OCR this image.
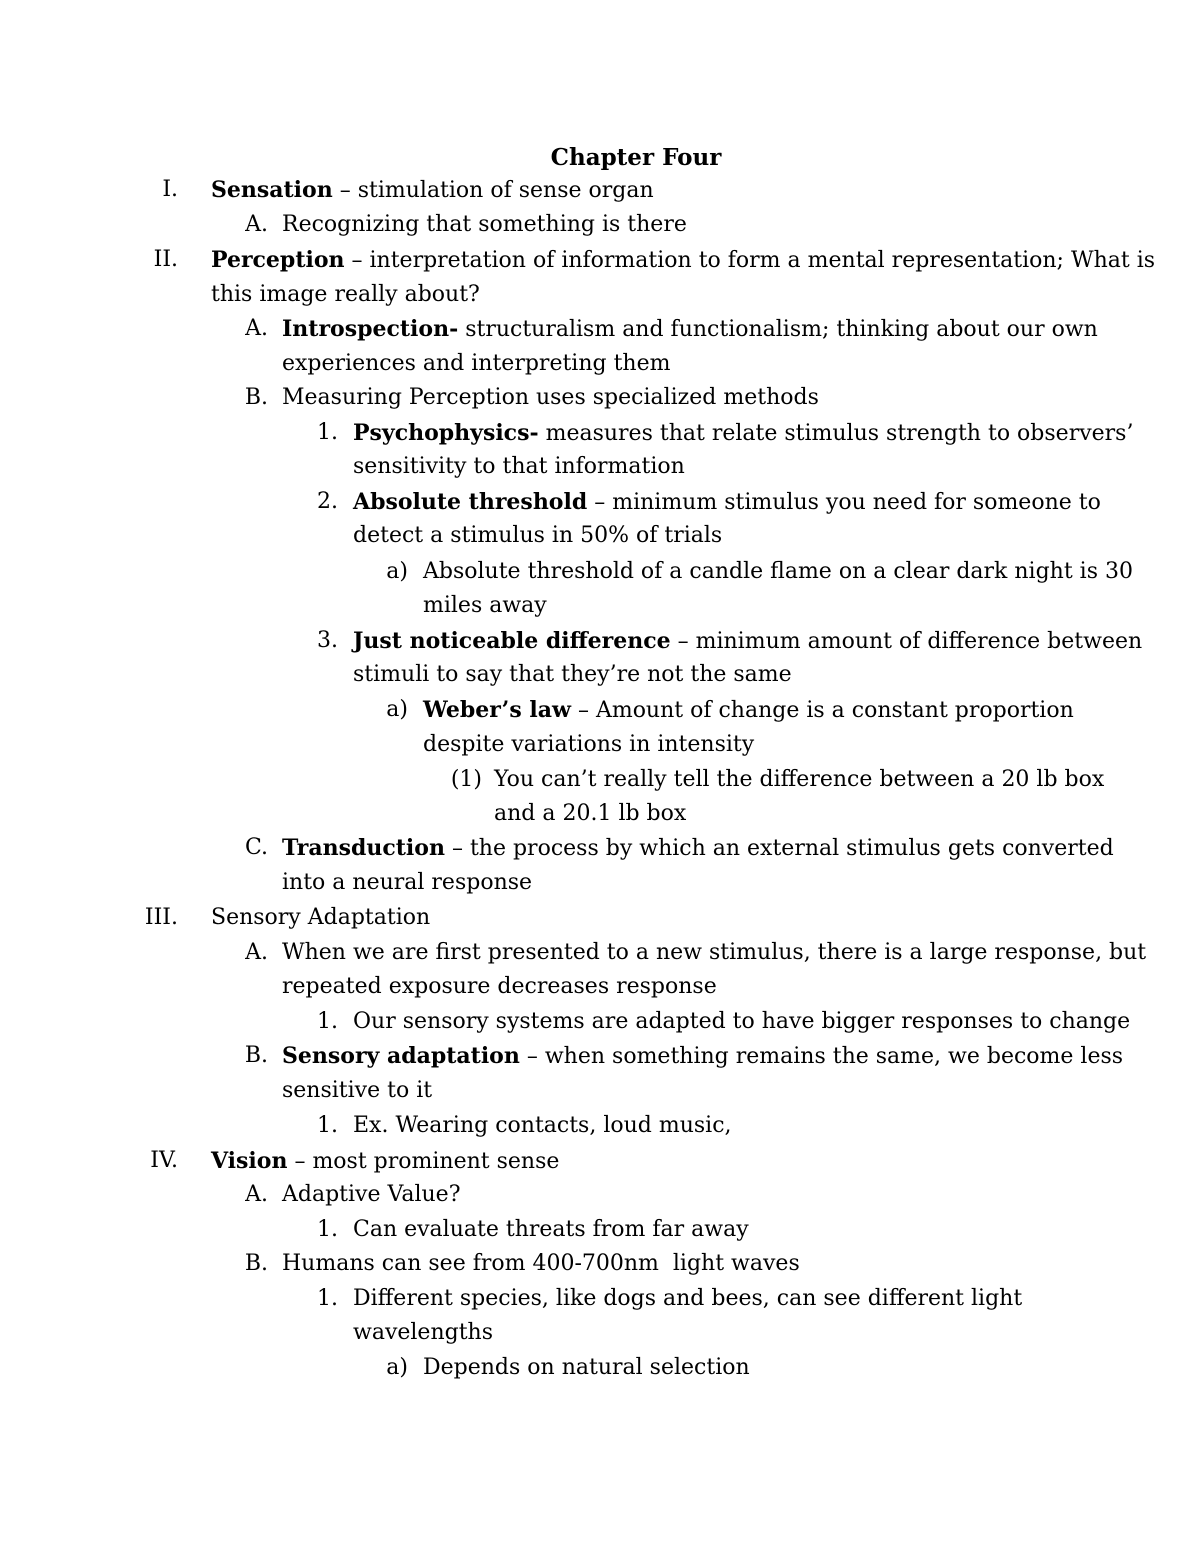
Chapter Four
I. Sensation – stimulation of sense organ
A. Recognizing that something is there
II. Perception – interpretation of information to form a mental representation; What is
this image really about?
A. Introspection- structuralism and functionalism; thinking about our own
experiences and interpreting them
B. Measuring Perception uses specialized methods
1. Psychophysics- measures that relate stimulus strength to observers’
sensitivity to that information
2. Absolute threshold – minimum stimulus you need for someone to
detect a stimulus in 50% of trials
a) Absolute threshold of a candle flame on a clear dark night is 30
miles away
3. Just noticeable difference – minimum amount of difference between
stimuli to say that they’re not the same
a) Weber’s law – Amount of change is a constant proportion
despite variations in intensity
(1) You can’t really tell the difference between a 20 lb box
and a 20.1 lb box
C. Transduction – the process by which an external stimulus gets converted
into a neural response
III. Sensory Adaptation
A. When we are first presented to a new stimulus, there is a large response, but
repeated exposure decreases response
1. Our sensory systems are adapted to have bigger responses to change
B. Sensory adaptation – when something remains the same, we become less
sensitive to it
1. Ex. Wearing contacts, loud music,
IV. Vision – most prominent sense
A. Adaptive Value?
1. Can evaluate threats from far away
B. Humans can see from 400-700nm  light waves
1. Different species, like dogs and bees, can see different light
wavelengths
a) Depends on natural selection
